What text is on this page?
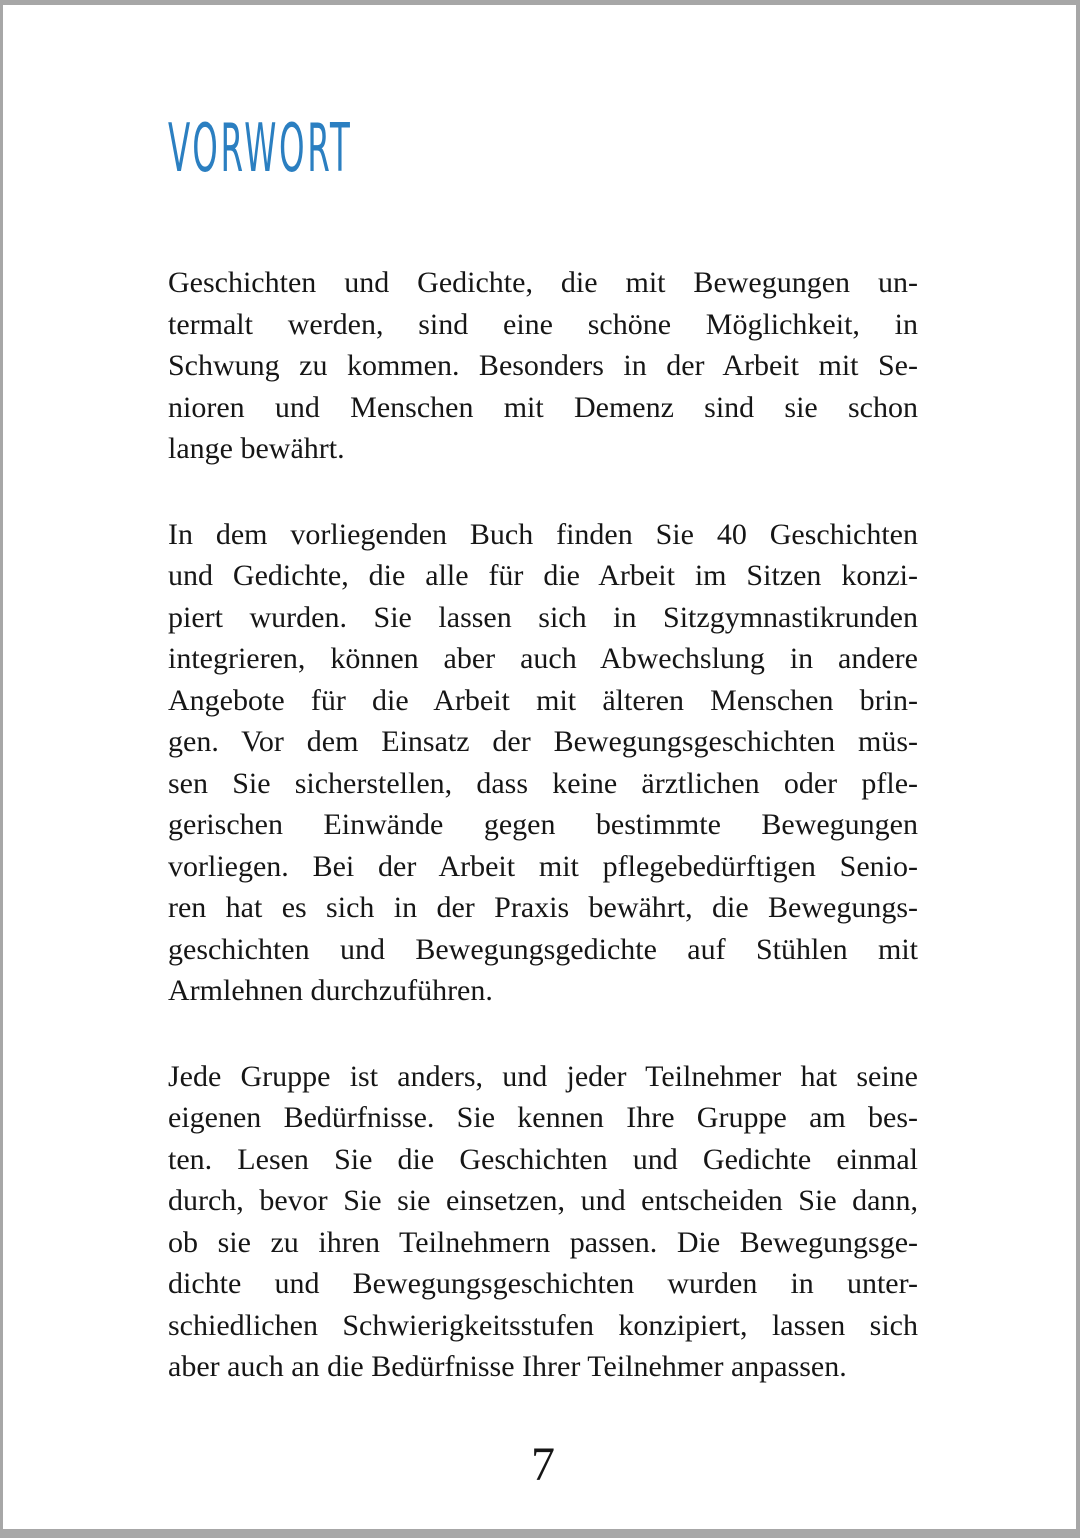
VORWORT
Geschichten und Gedichte, die mit Bewegungen un-
termalt werden, sind eine schöne Möglichkeit, in
Schwung zu kommen. Besonders in der Arbeit mit Se-
nioren und Menschen mit Demenz sind sie schon
lange bewährt.
In dem vorliegenden Buch finden Sie 40 Geschichten
und Gedichte, die alle für die Arbeit im Sitzen konzi-
piert wurden. Sie lassen sich in Sitzgymnastikrunden
integrieren, können aber auch Abwechslung in andere
Angebote für die Arbeit mit älteren Menschen brin-
gen. Vor dem Einsatz der Bewegungsgeschichten müs-
sen Sie sicherstellen, dass keine ärztlichen oder pfle-
gerischen Einwände gegen bestimmte Bewegungen
vorliegen. Bei der Arbeit mit pflegebedürftigen Senio-
ren hat es sich in der Praxis bewährt, die Bewegungs-
geschichten und Bewegungsgedichte auf Stühlen mit
Armlehnen durchzuführen.
Jede Gruppe ist anders, und jeder Teilnehmer hat seine
eigenen Bedürfnisse. Sie kennen Ihre Gruppe am bes-
ten. Lesen Sie die Geschichten und Gedichte einmal
durch, bevor Sie sie einsetzen, und entscheiden Sie dann,
ob sie zu ihren Teilnehmern passen. Die Bewegungsge-
dichte und Bewegungsgeschichten wurden in unter-
schiedlichen Schwierigkeitsstufen konzipiert, lassen sich
aber auch an die Bedürfnisse Ihrer Teilnehmer anpassen.
7
